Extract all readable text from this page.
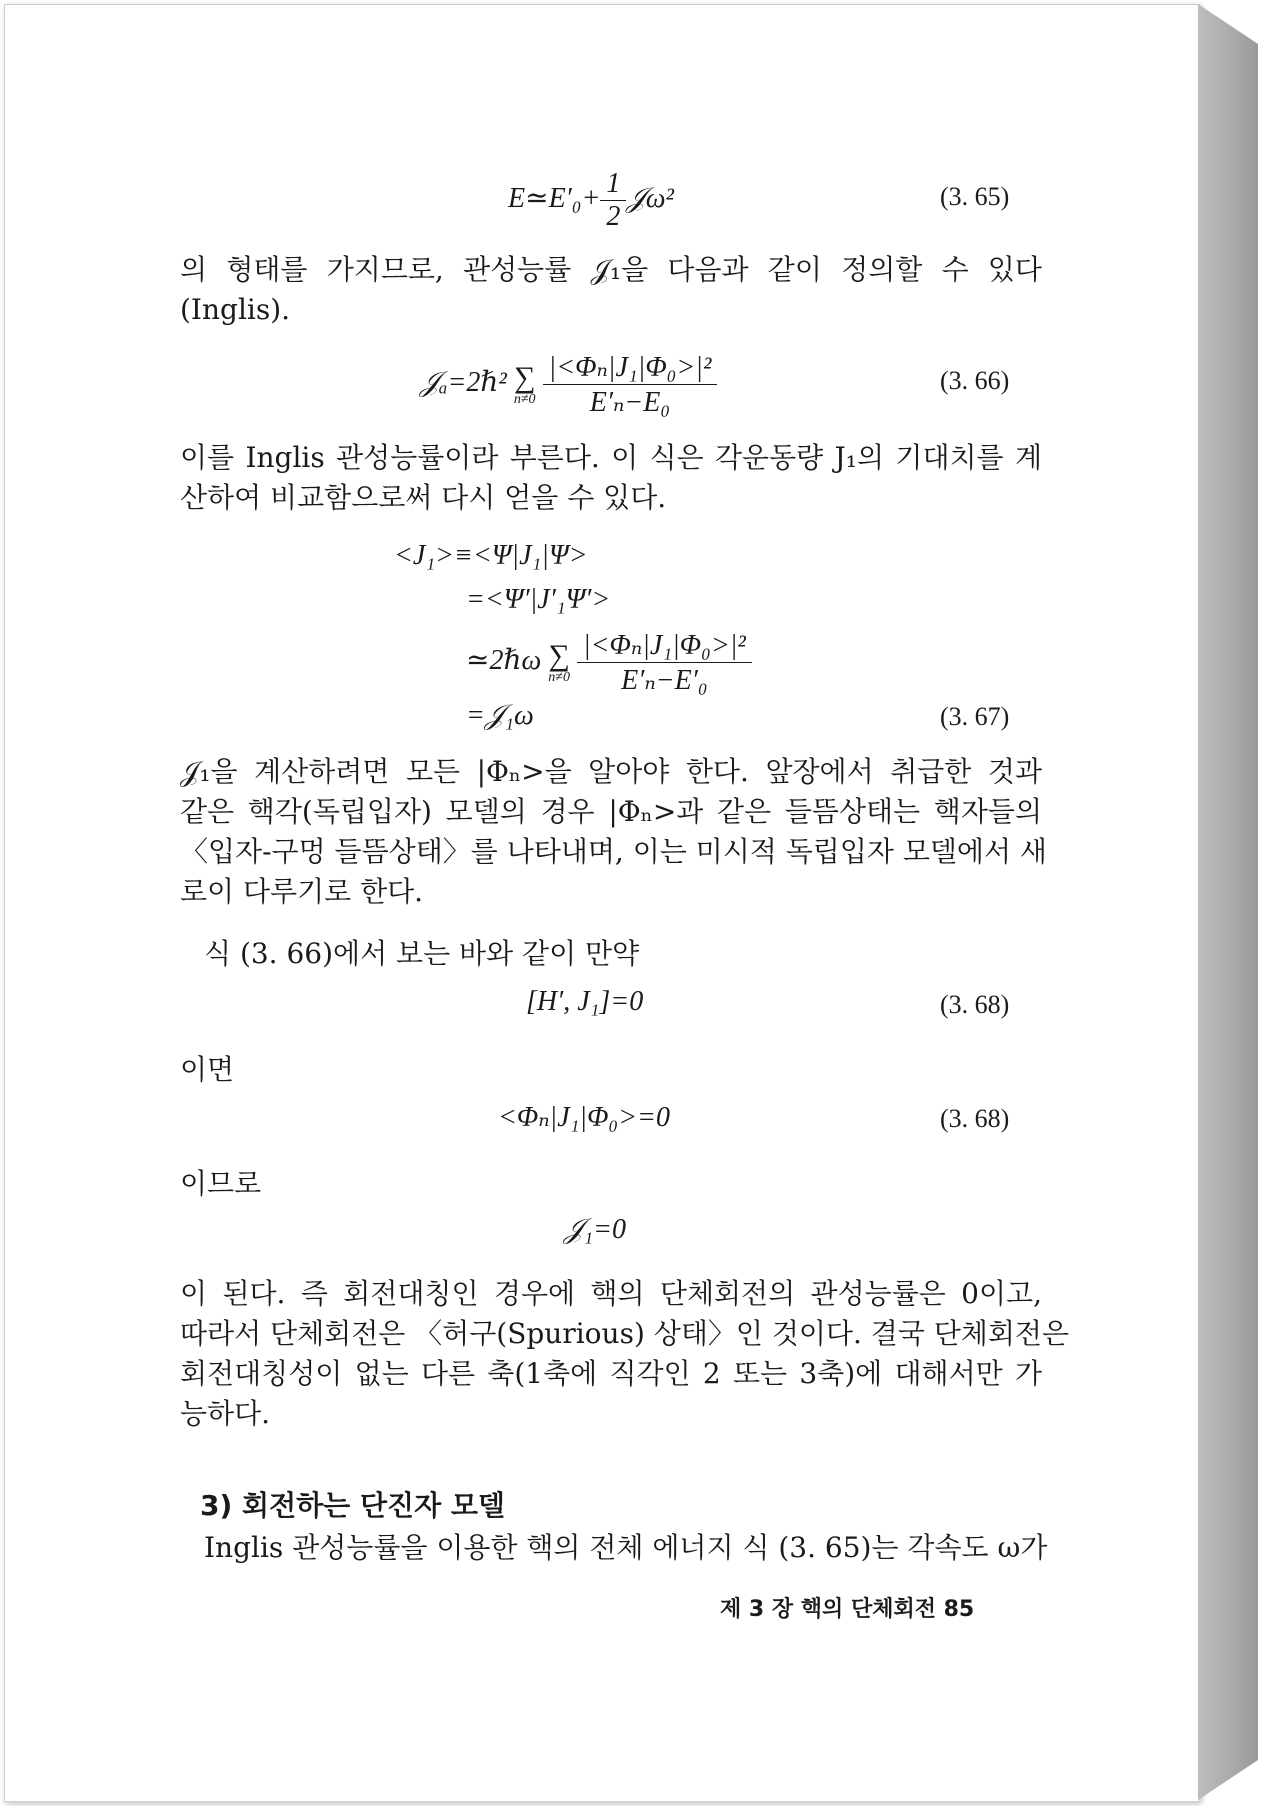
E≃E′₀+ $\frac{1}{2}$ 𝒥ω²	(3. 65)
의 형태를 가지므로, 관성능률 𝒥₁을 다음과 같이 정의할 수 있다
(Inglis).
𝒥ₐ=2ℏ² ∑
n≠0
$\frac{\text{|<Φₙ|J₁|Φ₀>|²}}{\text{E′ₙ−E₀}}$	(3. 66)
이를 Inglis 관성능률이라 부른다. 이 식은 각운동량 J₁의 기대치를 계
산하여 비교함으로써 다시 얻을 수 있다.
<J₁>≡<Ψ|J₁|Ψ>
=<Ψ′|J′₁Ψ′>
≃2ℏω ∑
n≠0
$\frac{\text{|<Φₙ|J₁|Φ₀>|²}}{\text{E′ₙ−E′₀}}$
=𝒥₁ω	(3. 67)
𝒥₁을 계산하려면 모든 |Φₙ>을 알아야 한다. 앞장에서 취급한 것과
같은 핵각(독립입자) 모델의 경우 |Φₙ>과 같은 들뜸상태는 핵자들의
〈입자-구멍 들뜸상태〉를 나타내며, 이는 미시적 독립입자 모델에서 새
로이 다루기로 한다.
식 (3. 66)에서 보는 바와 같이 만약
[H′, J₁]=0	(3. 68)
이면
<Φₙ|J₁|Φ₀>=0	(3. 68)
이므로
𝒥₁=0
이 된다. 즉 회전대칭인 경우에 핵의 단체회전의 관성능률은 0이고,
따라서 단체회전은 〈허구(Spurious) 상태〉인 것이다. 결국 단체회전은
회전대칭성이 없는 다른 축(1축에 직각인 2 또는 3축)에 대해서만 가
능하다.
3) 회전하는 단진자 모델
Inglis 관성능률을 이용한 핵의 전체 에너지 식 (3. 65)는 각속도 ω가
제 3 장 핵의 단체회전 85
